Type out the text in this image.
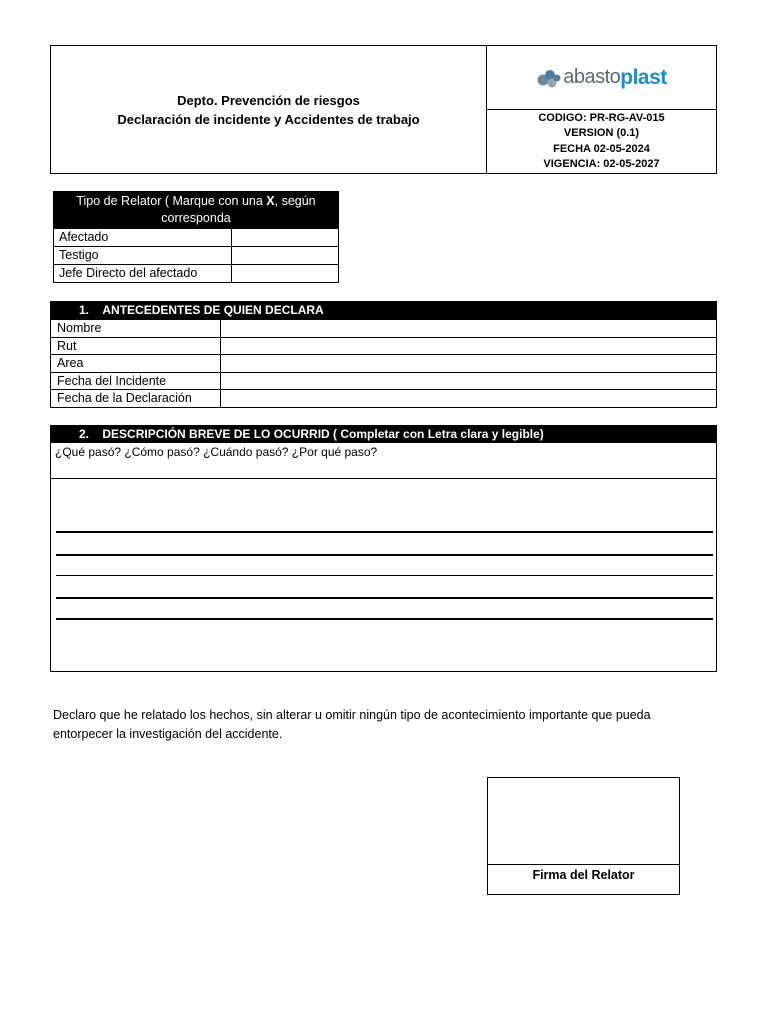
Depto. Prevención de riesgos
Declaración de incidente y Accidentes de trabajo
abasto plast
CODIGO: PR-RG-AV-015
VERSION (0.1)
FECHA 02-05-2024
VIGENCIA: 02-05-2027
Tipo de Relator ( Marque con una X, según corresponda
Afectado
Testigo
Jefe Directo del afectado
1. ANTECEDENTES DE QUIEN DECLARA
Nombre
Rut
Area
Fecha del Incidente
Fecha de la Declaración
2. DESCRIPCIÓN BREVE DE LO OCURRID ( Completar con Letra clara y legible)
¿Qué pasó? ¿Cómo pasó? ¿Cuándo pasó? ¿Por qué paso?
Declaro que he relatado los hechos, sin alterar u omitir ningún tipo de acontecimiento importante que pueda entorpecer la investigación del accidente.
Firma del Relator
